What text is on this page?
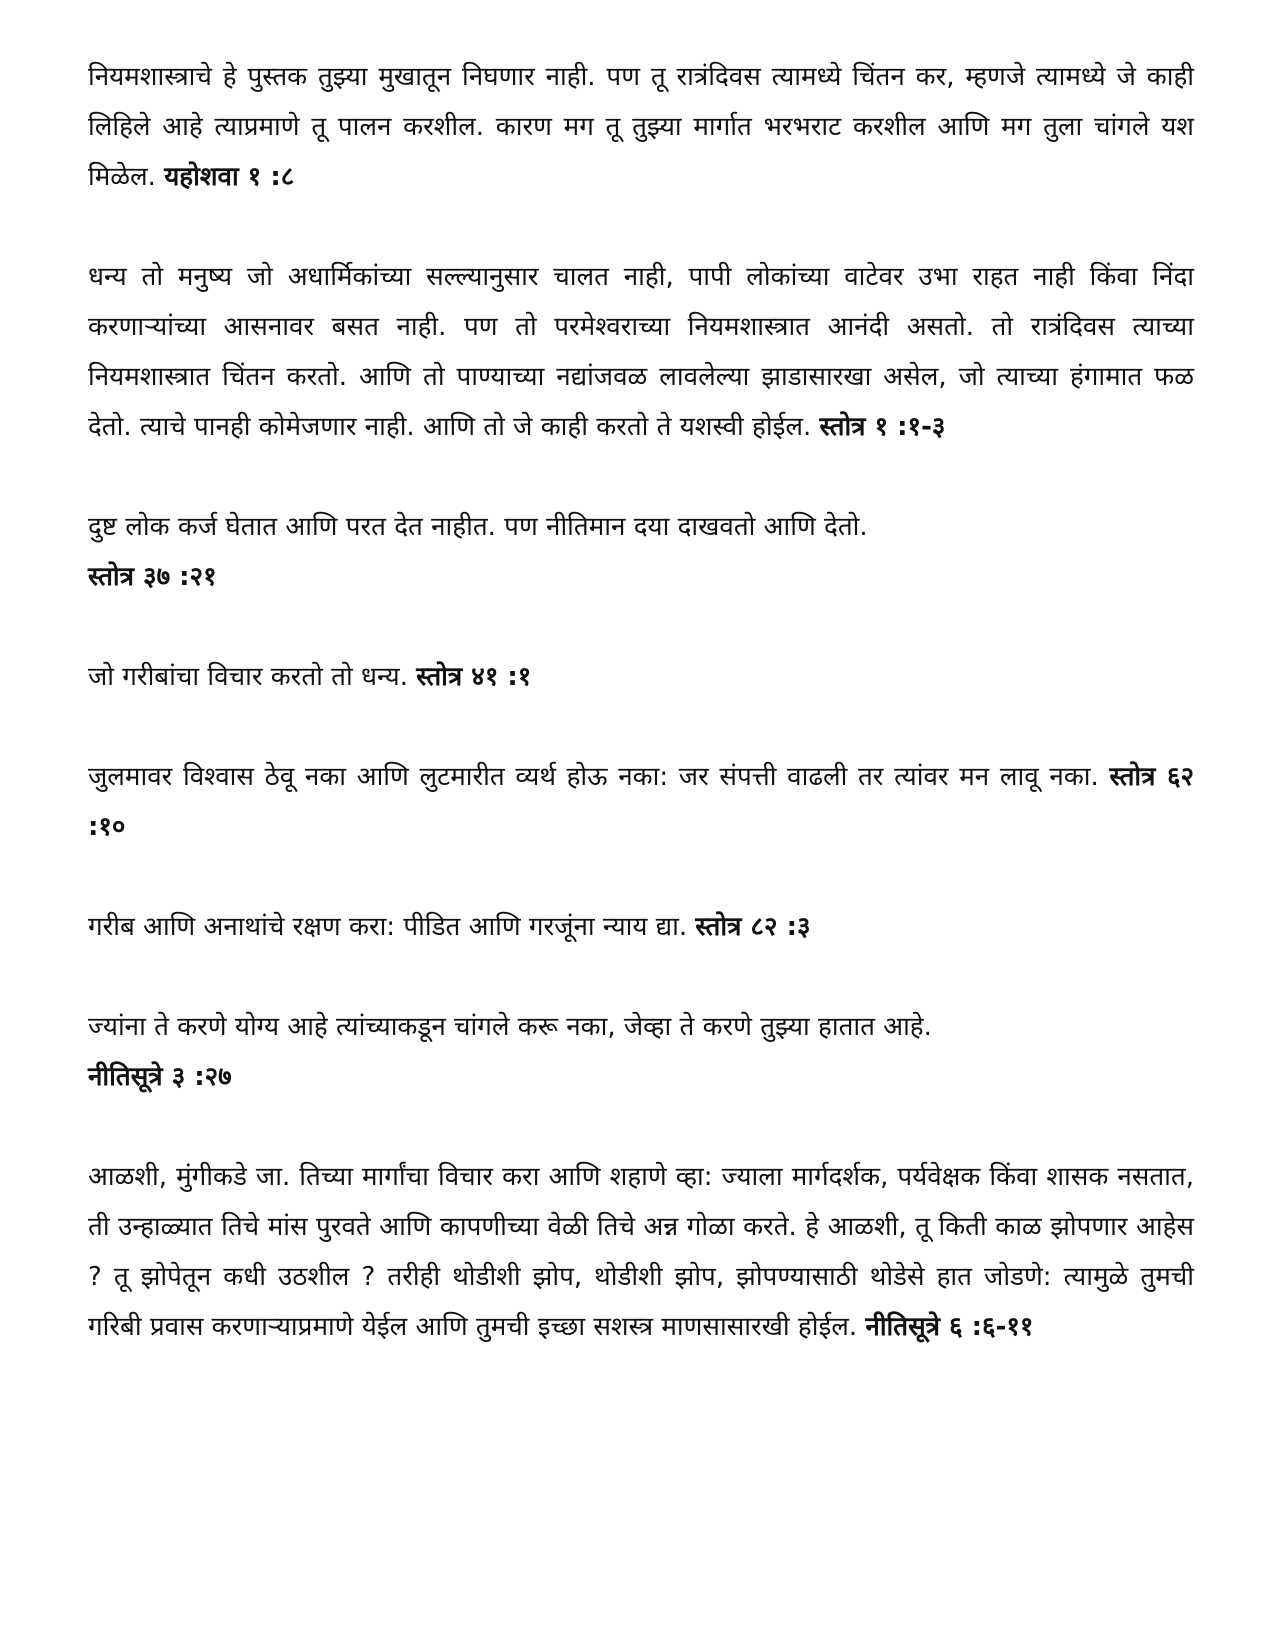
नियमशास्त्राचे हे पुस्तक तुझ्या मुखातून निघणार नाही. पण तू रात्रंदिवस त्यामध्ये चिंतन कर, म्हणजे त्यामध्ये जे काही लिहिले आहे त्याप्रमाणे तू पालन करशील. कारण मग तू तुझ्या मार्गात भरभराट करशील आणि मग तुला चांगले यश मिळेल. यहोशवा १ :८

धन्य तो मनुष्य जो अधार्मिकांच्या सल्ल्यानुसार चालत नाही, पापी लोकांच्या वाटेवर उभा राहत नाही किंवा निंदा करणाऱ्यांच्या आसनावर बसत नाही. पण तो परमेश्वराच्या नियमशास्त्रात आनंदी असतो. तो रात्रंदिवस त्याच्या नियमशास्त्रात चिंतन करतो. आणि तो पाण्याच्या नद्यांजवळ लावलेल्या झाडासारखा असेल, जो त्याच्या हंगामात फळ देतो. त्याचे पानही कोमेजणार नाही. आणि तो जे काही करतो ते यशस्वी होईल. स्तोत्र १ :१-३

दुष्ट लोक कर्ज घेतात आणि परत देत नाहीत. पण नीतिमान दया दाखवतो आणि देतो.
स्तोत्र ३७ :२१

जो गरीबांचा विचार करतो तो धन्य. स्तोत्र ४१ :१

जुलमावर विश्वास ठेवू नका आणि लुटमारीत व्यर्थ होऊ नका: जर संपत्ती वाढली तर त्यांवर मन लावू नका. स्तोत्र ६२ :१०

गरीब आणि अनाथांचे रक्षण करा: पीडित आणि गरजूंना न्याय द्या. स्तोत्र ८२ :३

ज्यांना ते करणे योग्य आहे त्यांच्याकडून चांगले करू नका, जेव्हा ते करणे तुझ्या हातात आहे.
नीतिसूत्रे ३ :२७

आळशी, मुंगीकडे जा. तिच्या मार्गांचा विचार करा आणि शहाणे व्हा: ज्याला मार्गदर्शक, पर्यवेक्षक किंवा शासक नसतात, ती उन्हाळ्यात तिचे मांस पुरवते आणि कापणीच्या वेळी तिचे अन्न गोळा करते. हे आळशी, तू किती काळ झोपणार आहेस ? तू झोपेतून कधी उठशील ? तरीही थोडीशी झोप, थोडीशी झोप, झोपण्यासाठी थोडेसे हात जोडणे: त्यामुळे तुमची गरिबी प्रवास करणाऱ्याप्रमाणे येईल आणि तुमची इच्छा सशस्त्र माणसासारखी होईल. नीतिसूत्रे ६ :६-११
